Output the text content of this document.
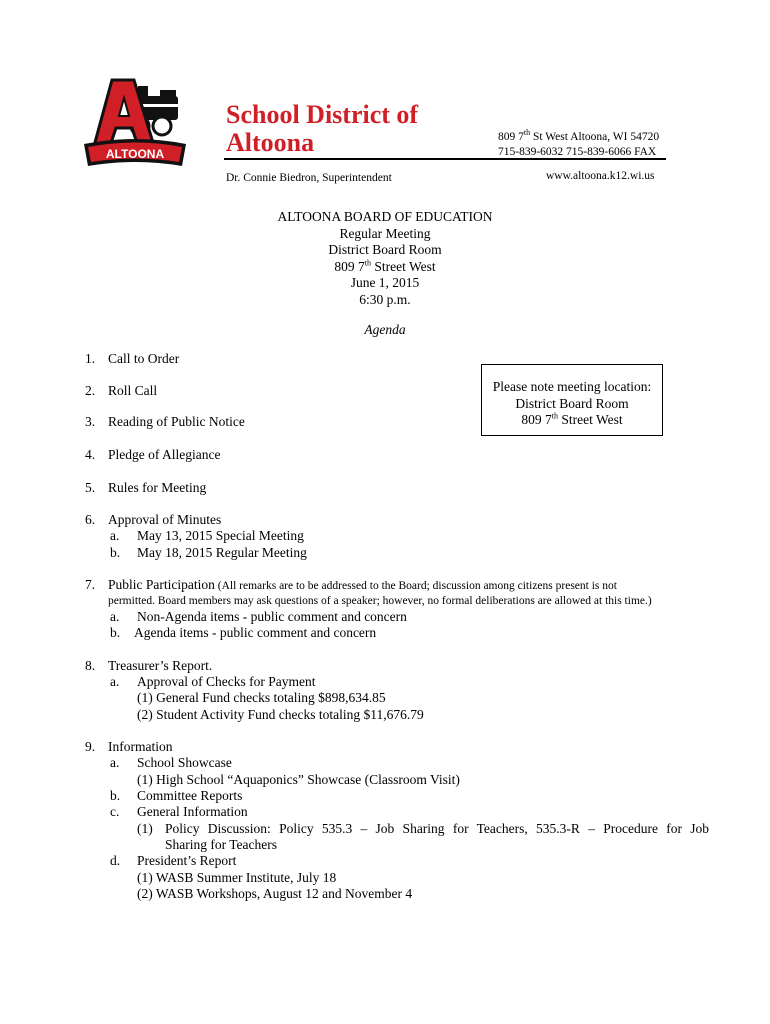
ALTOONA
School District of
Altoona	809 7th St West Altoona, WI 54720
715-839-6032 715-839-6066 FAX
Dr. Connie Biedron, Superintendent	www.altoona.k12.wi.us
ALTOONA BOARD OF EDUCATION
Regular Meeting
District Board Room
809 7th Street West
June 1, 2015
6:30 p.m.
Agenda
Please note meeting location:
District Board Room
809 7th Street West
1. Call to Order
2. Roll Call
3. Reading of Public Notice
4. Pledge of Allegiance
5. Rules for Meeting
6. Approval of Minutes
a. May 13, 2015 Special Meeting
b. May 18, 2015 Regular Meeting
7. Public Participation (All remarks are to be addressed to the Board; discussion among citizens present is not
permitted. Board members may ask questions of a speaker; however, no formal deliberations are allowed at this time.)
a. Non-Agenda items - public comment and concern
b. Agenda items - public comment and concern
8. Treasurer’s Report.
a. Approval of Checks for Payment
(1) General Fund checks totaling $898,634.85
(2) Student Activity Fund checks totaling $11,676.79
9. Information
a. School Showcase
(1) High School “Aquaponics” Showcase (Classroom Visit)
b. Committee Reports
c. General Information
(1) Policy Discussion: Policy 535.3 – Job Sharing for Teachers, 535.3-R – Procedure for Job
Sharing for Teachers
d. President’s Report
(1) WASB Summer Institute, July 18
(2) WASB Workshops, August 12 and November 4
